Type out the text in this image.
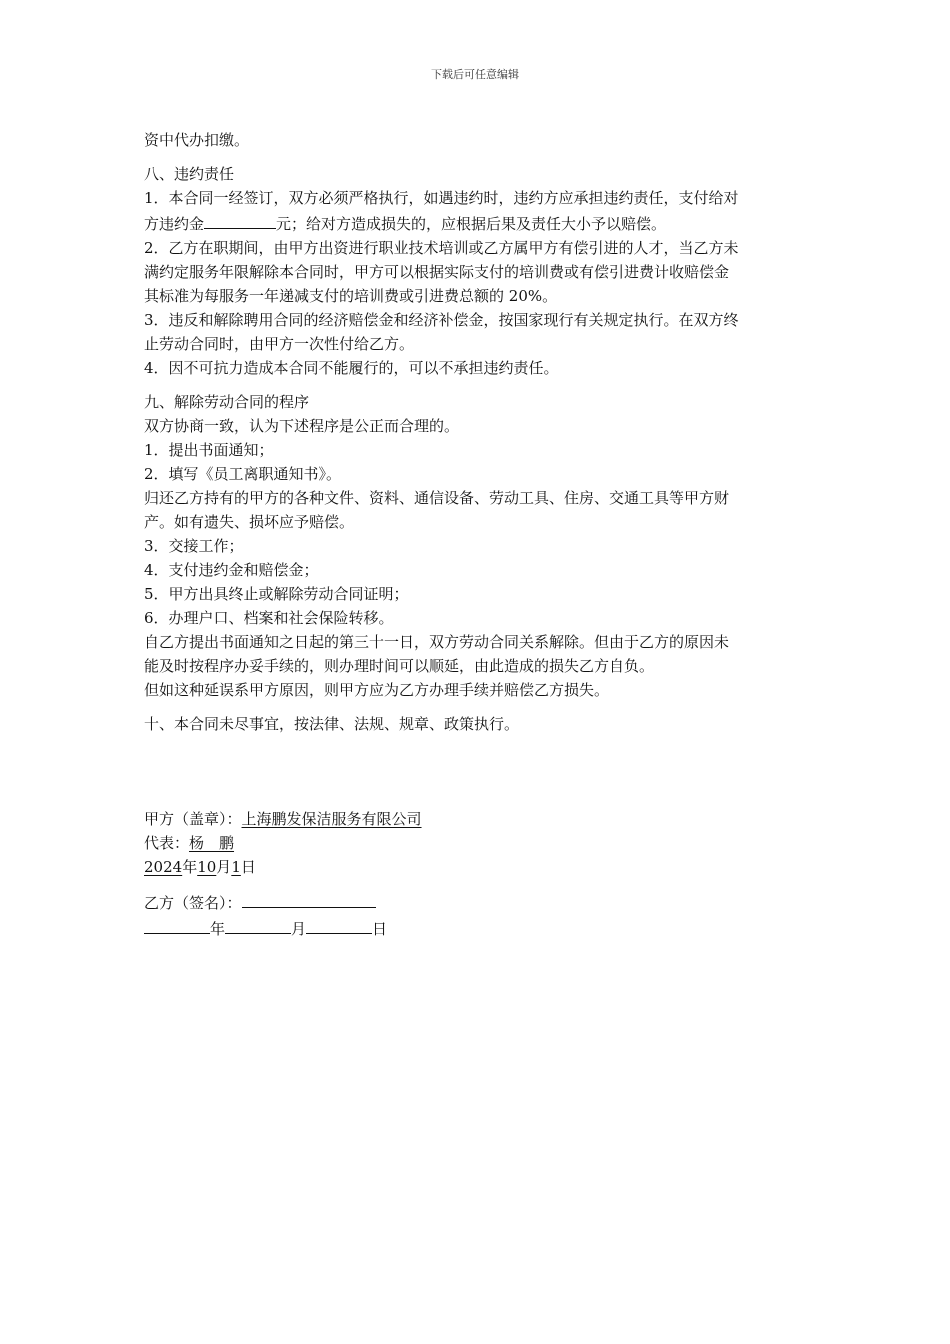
下载后可任意编辑
资中代办扣缴。
八、违约责任
1．本合同一经签订，双方必须严格执行，如遇违约时，违约方应承担违约责任，支付给对
方违约金	元；给对方造成损失的，应根据后果及责任大小予以赔偿。
2．乙方在职期间，由甲方出资进行职业技术培训或乙方属甲方有偿引进的人才，当乙方未
满约定服务年限解除本合同时，甲方可以根据实际支付的培训费或有偿引进费计收赔偿金
其标准为每服务一年递减支付的培训费或引进费总额的 20%。
3．违反和解除聘用合同的经济赔偿金和经济补偿金，按国家现行有关规定执行。在双方终
止劳动合同时，由甲方一次性付给乙方。
4．因不可抗力造成本合同不能履行的，可以不承担违约责任。
九、解除劳动合同的程序
双方协商一致，认为下述程序是公正而合理的。
1．提出书面通知；
2．填写《员工离职通知书》。
归还乙方持有的甲方的各种文件、资料、通信设备、劳动工具、住房、交通工具等甲方财
产。如有遗失、损坏应予赔偿。
3．交接工作；
4．支付违约金和赔偿金；
5．甲方出具终止或解除劳动合同证明；
6．办理户口、档案和社会保险转移。
自乙方提出书面通知之日起的第三十一日，双方劳动合同关系解除。但由于乙方的原因未
能及时按程序办妥手续的，则办理时间可以顺延，由此造成的损失乙方自负。
但如这种延误系甲方原因，则甲方应为乙方办理手续并赔偿乙方损失。
十、本合同未尽事宜，按法律、法规、规章、政策执行。
甲方（盖章）：上海鹏发保洁服务有限公司
代表：杨　鹏
2024年10月1日
乙方（签名）：
年	月	日
